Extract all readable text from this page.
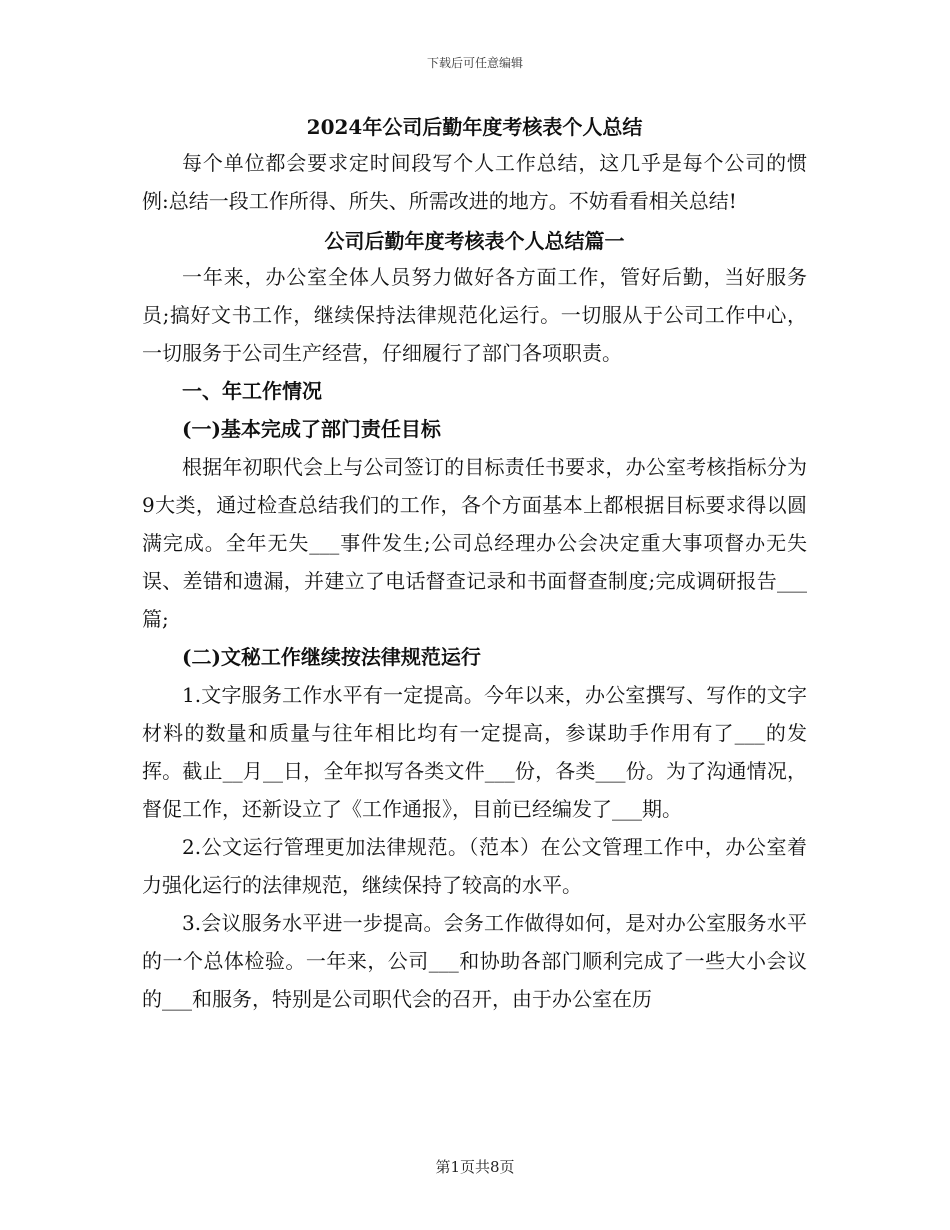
下载后可任意编辑
2024年公司后勤年度考核表个人总结

每个单位都会要求定时间段写个人工作总结，这几乎是每个公司的惯例:总结一段工作所得、所失、所需改进的地方。不妨看看相关总结!

公司后勤年度考核表个人总结篇一

一年来，办公室全体人员努力做好各方面工作，管好后勤，当好服务员;搞好文书工作，继续保持法律规范化运行。一切服从于公司工作中心，一切服务于公司生产经营，仔细履行了部门各项职责。

一、年工作情况

(一)基本完成了部门责任目标

根据年初职代会上与公司签订的目标责任书要求，办公室考核指标分为9大类，通过检查总结我们的工作，各个方面基本上都根据目标要求得以圆满完成。全年无失___事件发生;公司总经理办公会决定重大事项督办无失误、差错和遗漏，并建立了电话督查记录和书面督查制度;完成调研报告___篇;

(二)文秘工作继续按法律规范运行

1.文字服务工作水平有一定提高。今年以来，办公室撰写、写作的文字材料的数量和质量与往年相比均有一定提高，参谋助手作用有了___的发挥。截止__月__日，全年拟写各类文件___份，各类___份。为了沟通情况，督促工作，还新设立了《工作通报》，目前已经编发了___期。

2.公文运行管理更加法律规范。（范本）在公文管理工作中，办公室着力强化运行的法律规范，继续保持了较高的水平。

3.会议服务水平进一步提高。会务工作做得如何，是对办公室服务水平的一个总体检验。一年来，公司___和协助各部门顺利完成了一些大小会议的___和服务，特别是公司职代会的召开，由于办公室在历

第1页共8页
